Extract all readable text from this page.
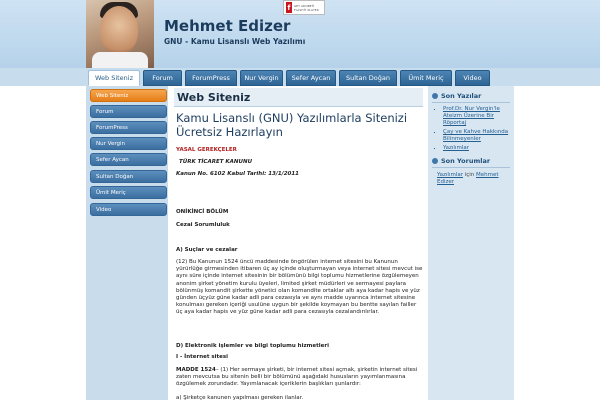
Mehmet Edizer
GNU - Kamu Lisanslı Web Yazılımı
f	GET ADOBE® FLASH® PLAYER
Web Siteniz	Forum	ForumPress	Nur Vergin	Sefer Aycan	Sultan Doğan	Ümit Meriç	Video
Web Siteniz
Forum
ForumPress
Nur Vergin
Sefer Aycan
Sultan Doğan
Ümit Meriç
Video
Web Siteniz
Kamu Lisanslı (GNU) Yazılımlarla Sitenizi Ücretsiz Hazırlayın
YASAL GEREKÇELER
TÜRK TİCARET KANUNU
Kanun No. 6102 Kabul Tarihi: 13/1/2011
ONİKİNCİ BÖLÜM
Cezai Sorumluluk
A) Suçlar ve cezalar
(12) Bu Kanunun 1524 üncü maddesinde öngörülen internet sitesini bu Kanunun yürürlüğe girmesinden itibaren üç ay içinde oluşturmayan veya internet sitesi mevcut ise aynı süre içinde internet sitesinin bir bölümünü bilgi toplumu hizmetlerine özgülemeyen anonim şirket yönetim kurulu üyeleri, limited şirket müdürleri ve sermayesi paylara bölünmüş komandit şirkette yönetici olan komandite ortaklar altı aya kadar hapis ve yüz günden üçyüz güne kadar adli para cezasıyla ve aynı madde uyarınca internet sitesine konulması gereken içeriği usulüne uygun bir şekilde koymayan bu bentte sayılan failler üç aya kadar hapis ve yüz güne kadar adli para cezasıyla cezalandırılırlar.
D) Elektronik işlemler ve bilgi toplumu hizmetleri
I - İnternet sitesi
MADDE 1524– (1) Her sermaye şirketi, bir internet sitesi açmak, şirketin internet sitesi zaten mevcutsa bu sitenin belli bir bölümünü aşağıdaki hususların yayımlanmasına özgülemek zorundadır. Yayımlanacak içeriklerin başlıkları şunlardır:
a) Şirketçe kanunen yapılması gereken ilanlar.
Son Yazılar
▪ Prof.Dr. Nur Vergin'le Ateizm Üzerine Bir Röportaj
▪ Çay ve Kahve Hakkında Bilinmeyenler
▪ Yazılımlar
Son Yorumlar
Yazılımlar için Mehmet Edizer
